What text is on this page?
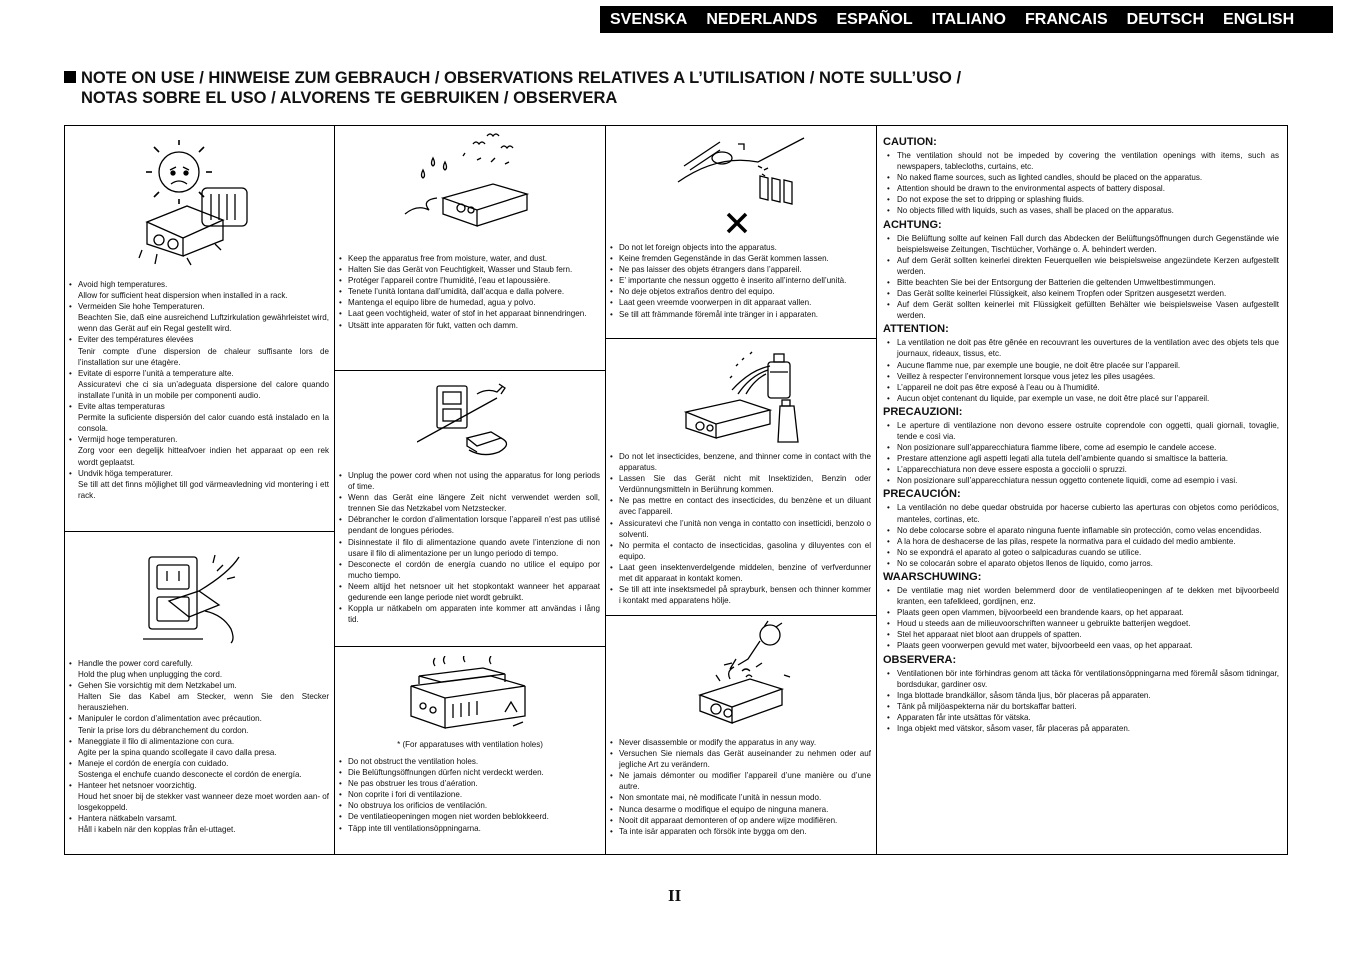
SVENSKA NEDERLANDS ESPAÑOL ITALIANO FRANCAIS DEUTSCH ENGLISH
NOTE ON USE / HINWEISE ZUM GEBRAUCH / OBSERVATIONS RELATIVES A L’UTILISATION / NOTE SULL’USO /
NOTAS SOBRE EL USO / ALVORENS TE GEBRUIKEN / OBSERVERA
• Avoid high temperatures.
Allow for sufficient heat dispersion when installed in a rack.
• Vermeiden Sie hohe Temperaturen.
Beachten Sie, daß eine ausreichend Luftzirkulation gewährleistet wird, wenn das Gerät auf ein Regal gestellt wird.
• Eviter des températures élevées
Tenir compte d’une dispersion de chaleur suffisante lors de l’installation sur une étagère.
• Evitate di esporre l’unità a temperature alte.
Assicuratevi che ci sia un’adeguata dispersione del calore quando installate l’unità in un mobile per componenti audio.
• Evite altas temperaturas
Permite la suficiente dispersión del calor cuando está instalado en la consola.
• Vermijd hoge temperaturen.
Zorg voor een degelijk hitteafvoer indien het apparaat op een rek wordt geplaatst.
• Undvik höga temperaturer.
Se till att det finns möjlighet till god värmeavledning vid montering i ett rack.
• Handle the power cord carefully.
Hold the plug when unplugging the cord.
• Gehen Sie vorsichtig mit dem Netzkabel um.
Halten Sie das Kabel am Stecker, wenn Sie den Stecker herausziehen.
• Manipuler le cordon d’alimentation avec précaution.
Tenir la prise lors du débranchement du cordon.
• Maneggiate il filo di alimentazione con cura.
Agite per la spina quando scollegate il cavo dalla presa.
• Maneje el cordón de energía con cuidado.
Sostenga el enchufe cuando desconecte el cordón de energía.
• Hanteer het netsnoer voorzichtig.
Houd het snoer bij de stekker vast wanneer deze moet worden aan- of losgekoppeld.
• Hantera nätkabeln varsamt.
Håll i kabeln när den kopplas från el-uttaget.
• Keep the apparatus free from moisture, water, and dust.
• Halten Sie das Gerät von Feuchtigkeit, Wasser und Staub fern.
• Protéger l’appareil contre l’humidité, l’eau et lapoussière.
• Tenete l’unità lontana dall’umidità, dall’acqua e dalla polvere.
• Mantenga el equipo libre de humedad, agua y polvo.
• Laat geen vochtigheid, water of stof in het apparaat binnendringen.
• Utsätt inte apparaten för fukt, vatten och damm.
• Unplug the power cord when not using the apparatus for long periods of time.
• Wenn das Gerät eine längere Zeit nicht verwendet werden soll, trennen Sie das Netzkabel vom Netzstecker.
• Débrancher le cordon d’alimentation lorsque l’appareil n’est pas utilisé pendant de longues périodes.
• Disinnestate il filo di alimentazione quando avete l’intenzione di non usare il filo di alimentazione per un lungo periodo di tempo.
• Desconecte el cordón de energía cuando no utilice el equipo por mucho tiempo.
• Neem altijd het netsnoer uit het stopkontakt wanneer het apparaat gedurende een lange periode niet wordt gebruikt.
• Koppla ur nätkabeln om apparaten inte kommer att användas i lång tid.
* (For apparatuses with ventilation holes)
• Do not obstruct the ventilation holes.
• Die Belüftungsöffnungen dürfen nicht verdeckt werden.
• Ne pas obstruer les trous d’aération.
• Non coprite i fori di ventilazione.
• No obstruya los orificios de ventilación.
• De ventilatieopeningen mogen niet worden beblokkeerd.
• Täpp inte till ventilationsöppningarna.
• Do not let foreign objects into the apparatus.
• Keine fremden Gegenstände in das Gerät kommen lassen.
• Ne pas laisser des objets étrangers dans l’appareil.
• E’ importante che nessun oggetto è inserito all’interno dell’unità.
• No deje objetos extraños dentro del equipo.
• Laat geen vreemde voorwerpen in dit apparaat vallen.
• Se till att främmande föremål inte tränger in i apparaten.
• Do not let insecticides, benzene, and thinner come in contact with the apparatus.
• Lassen Sie das Gerät nicht mit Insektiziden, Benzin oder Verdünnungsmitteln in Berührung kommen.
• Ne pas mettre en contact des insecticides, du benzène et un diluant avec l’appareil.
• Assicuratevi che l’unità non venga in contatto con insetticidi, benzolo o solventi.
• No permita el contacto de insecticidas, gasolina y diluyentes con el equipo.
• Laat geen insektenverdelgende middelen, benzine of verfverdunner met dit apparaat in kontakt komen.
• Se till att inte insektsmedel på sprayburk, bensen och thinner kommer i kontakt med apparatens hölje.
• Never disassemble or modify the apparatus in any way.
• Versuchen Sie niemals das Gerät auseinander zu nehmen oder auf jegliche Art zu verändern.
• Ne jamais démonter ou modifier l’appareil d’une manière ou d’une autre.
• Non smontate mai, nè modificate l’unità in nessun modo.
• Nunca desarme o modifique el equipo de ninguna manera.
• Nooit dit apparaat demonteren of op andere wijze modifiëren.
• Ta inte isär apparaten och försök inte bygga om den.
CAUTION:
• The ventilation should not be impeded by covering the ventilation openings with items, such as newspapers, tablecloths, curtains, etc.
• No naked flame sources, such as lighted candles, should be placed on the apparatus.
• Attention should be drawn to the environmental aspects of battery disposal.
• Do not expose the set to dripping or splashing fluids.
• No objects filled with liquids, such as vases, shall be placed on the apparatus.
ACHTUNG:
• Die Belüftung sollte auf keinen Fall durch das Abdecken der Belüftungsöffnungen durch Gegenstände wie beispielsweise Zeitungen, Tischtücher, Vorhänge o. Ä. behindert werden.
• Auf dem Gerät sollten keinerlei direkten Feuerquellen wie beispielsweise angezündete Kerzen aufgestellt werden.
• Bitte beachten Sie bei der Entsorgung der Batterien die geltenden Umweltbestimmungen.
• Das Gerät sollte keinerlei Flüssigkeit, also keinem Tropfen oder Spritzen ausgesetzt werden.
• Auf dem Gerät sollten keinerlei mit Flüssigkeit gefüllten Behälter wie beispielsweise Vasen aufgestellt werden.
ATTENTION:
• La ventilation ne doit pas être gênée en recouvrant les ouvertures de la ventilation avec des objets tels que journaux, rideaux, tissus, etc.
• Aucune flamme nue, par exemple une bougie, ne doit être placée sur l’appareil.
• Veillez à respecter l’environnement lorsque vous jetez les piles usagées.
• L’appareil ne doit pas être exposé à l’eau ou à l’humidité.
• Aucun objet contenant du liquide, par exemple un vase, ne doit être placé sur l’appareil.
PRECAUZIONI:
• Le aperture di ventilazione non devono essere ostruite coprendole con oggetti, quali giornali, tovaglie, tende e così via.
• Non posizionare sull’apparecchiatura fiamme libere, come ad esempio le candele accese.
• Prestare attenzione agli aspetti legati alla tutela dell’ambiente quando si smaltisce la batteria.
• L’apparecchiatura non deve essere esposta a gocciolii o spruzzi.
• Non posizionare sull’apparecchiatura nessun oggetto contenete liquidi, come ad esempio i vasi.
PRECAUCIÓN:
• La ventilación no debe quedar obstruida por hacerse cubierto las aperturas con objetos como periódicos, manteles, cortinas, etc.
• No debe colocarse sobre el aparato ninguna fuente inflamable sin protección, como velas encendidas.
• A la hora de deshacerse de las pilas, respete la normativa para el cuidado del medio ambiente.
• No se expondrá el aparato al goteo o salpicaduras cuando se utilice.
• No se colocarán sobre el aparato objetos llenos de líquido, como jarros.
WAARSCHUWING:
• De ventilatie mag niet worden belemmerd door de ventilatieopeningen af te dekken met bijvoorbeeld kranten, een tafelkleed, gordijnen, enz.
• Plaats geen open vlammen, bijvoorbeeld een brandende kaars, op het apparaat.
• Houd u steeds aan de milieuvoorschriften wanneer u gebruikte batterijen wegdoet.
• Stel het apparaat niet bloot aan druppels of spatten.
• Plaats geen voorwerpen gevuld met water, bijvoorbeeld een vaas, op het apparaat.
OBSERVERA:
• Ventilationen bör inte förhindras genom att täcka för ventilationsöppningarna med föremål såsom tidningar, bordsdukar, gardiner osv.
• Inga blottade brandkällor, såsom tända ljus, bör placeras på apparaten.
• Tänk på miljöaspekterna när du bortskaffar batteri.
• Apparaten får inte utsättas för vätska.
• Inga objekt med vätskor, såsom vaser, får placeras på apparaten.
II
